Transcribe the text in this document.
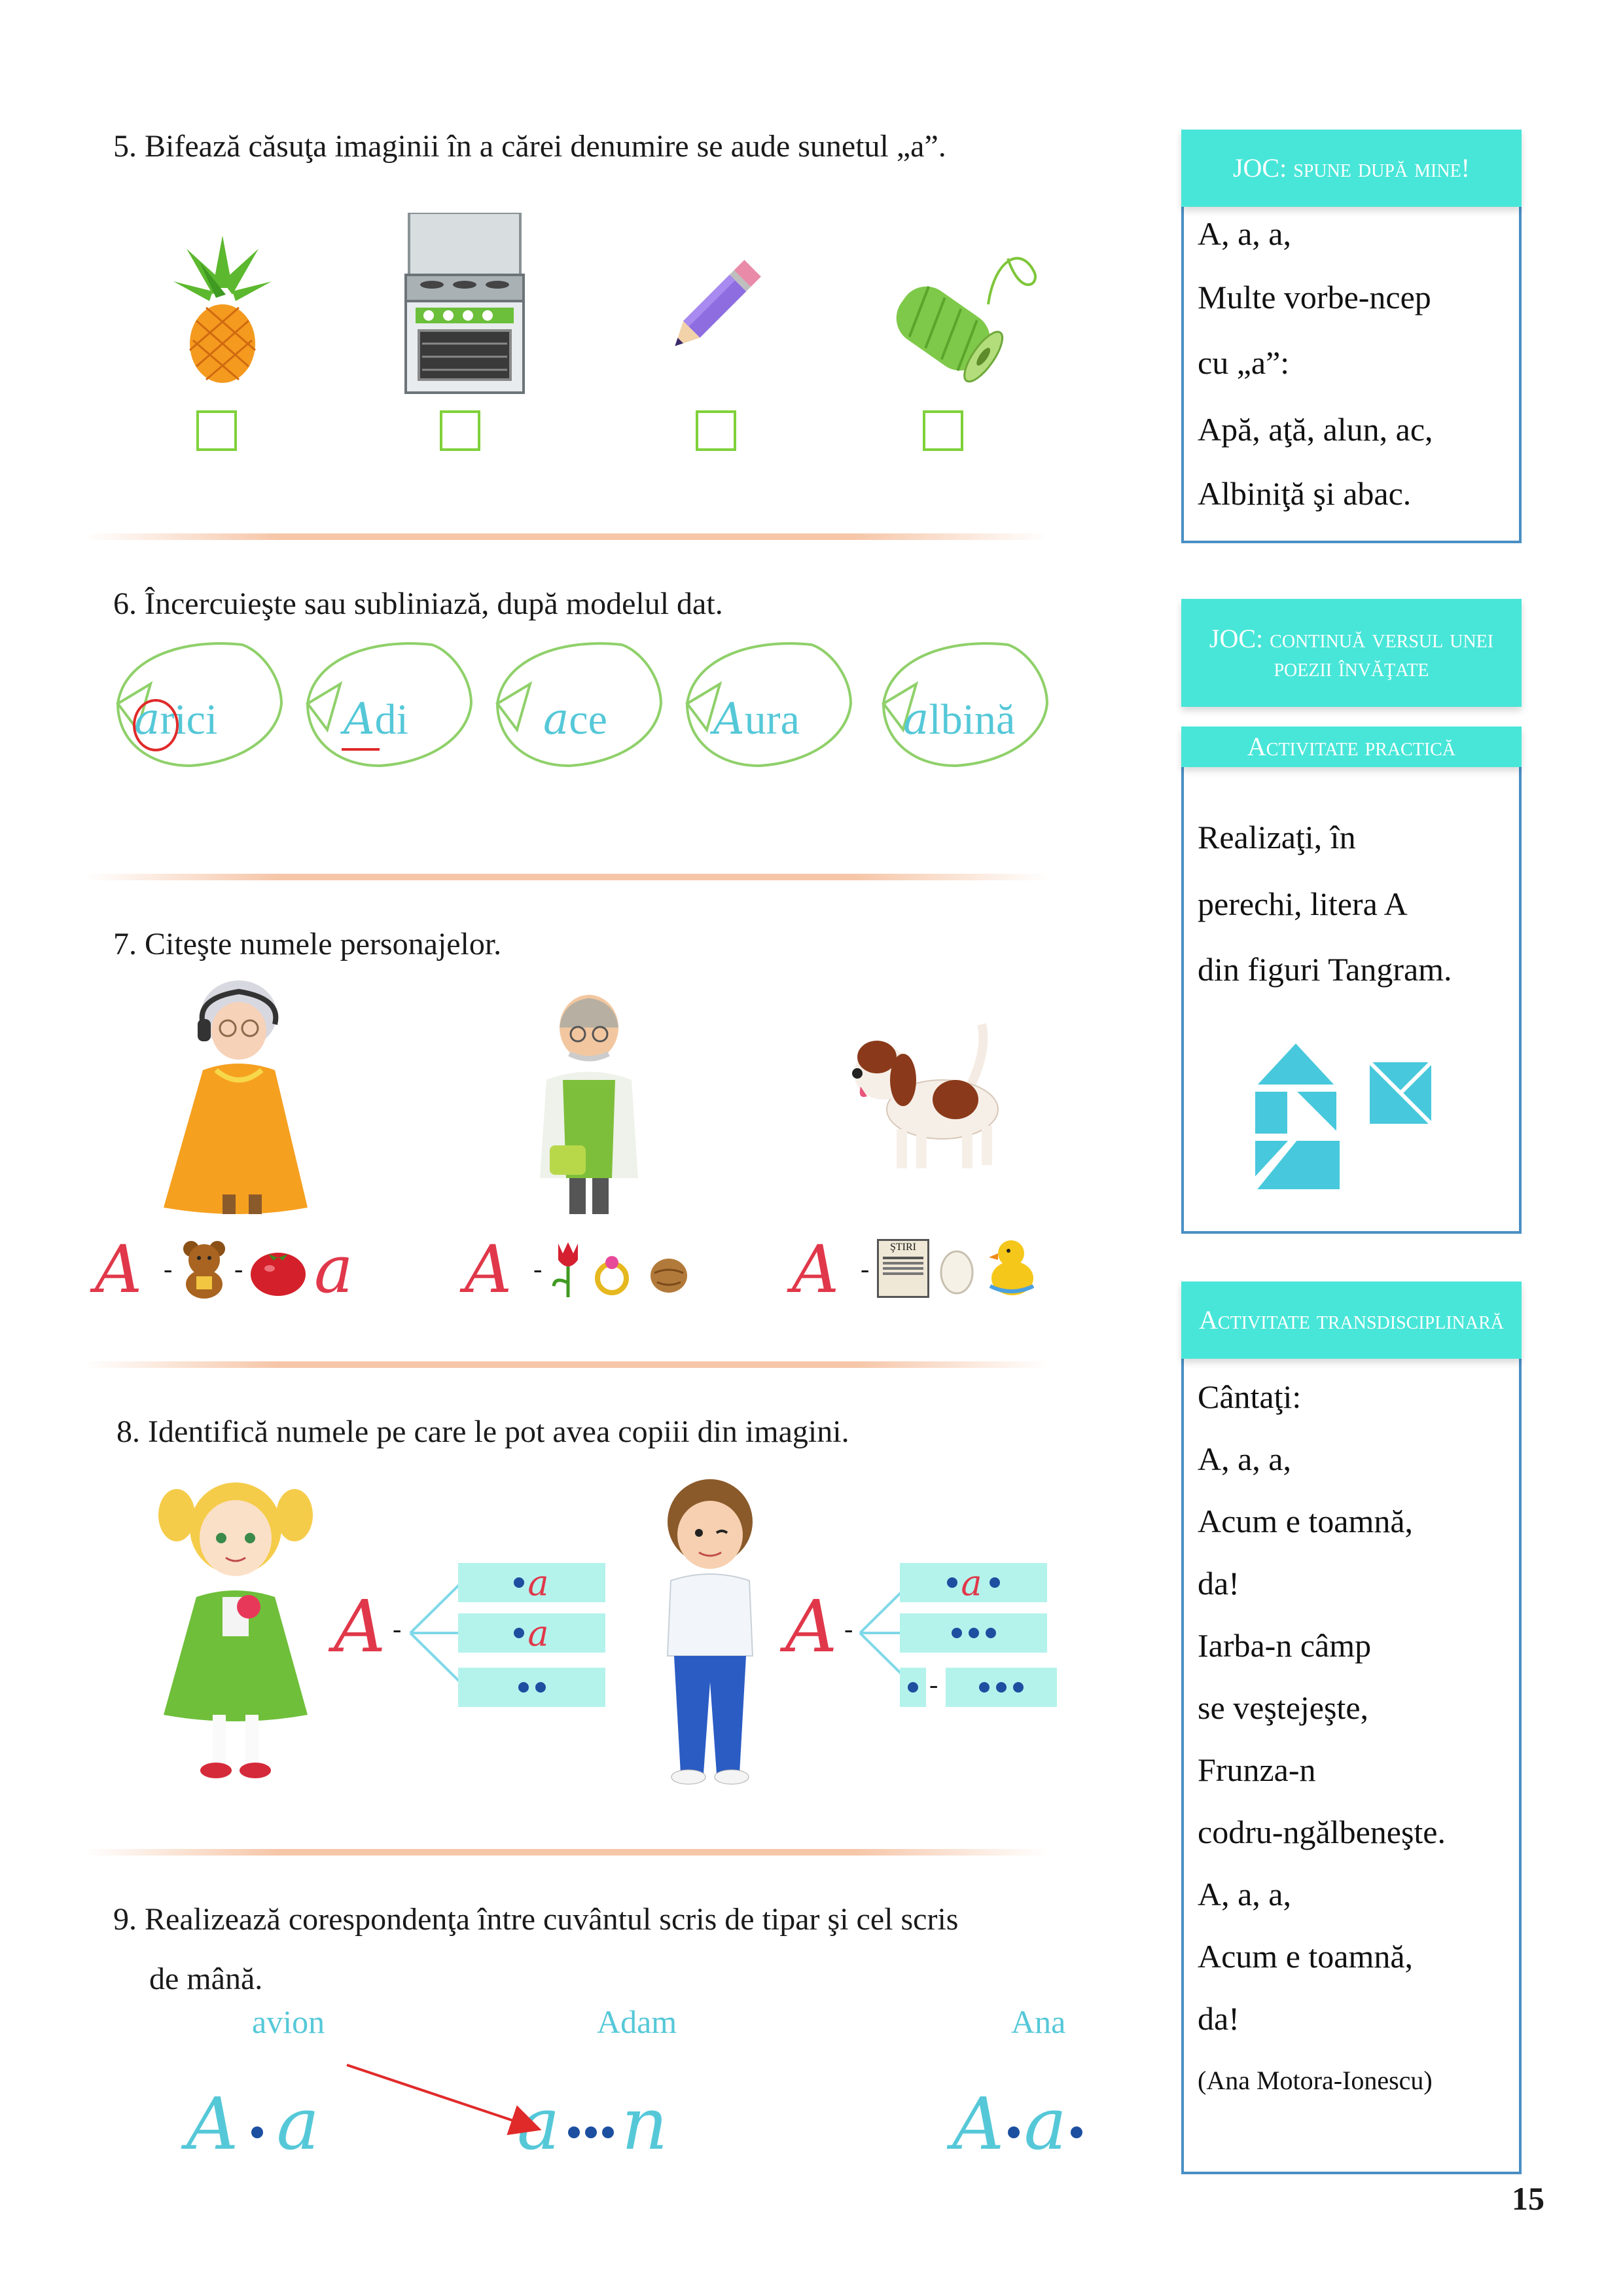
5. Bifează căsuţa imaginii în a cărei denumire se aude sunetul „a”.
6. Încercuieşte sau subliniază, după modelul dat.
arici	Adi	ace Aura albină
7. Citeşte numele personajelor.
A - - a A -	A -
ŞTIRI
8. Identifică numele pe care le pot avea copiii din imagini.
A -
a
a	A -
a
-
9. Realizează corespondenţa între cuvântul scris de tipar şi cel scris
de mână.
avion	Adam	Ana
A a	a n	A a
JOC: spune după mine!
A, a, a,
Multe vorbe-ncep
cu „a”:
Apă, aţă, alun, ac,
Albiniţă şi abac.
JOC: continuă versul unei poezii învăţate
Activitate practică
Realizaţi, în
perechi, litera A
din figuri Tangram.
Activitate transdisciplinară
Cântaţi:
A, a, a,
Acum e toamnă,
da!
Iarba-n câmp
se veştejeşte,
Frunza-n
codru-ngălbeneşte.
A, a, a,
Acum e toamnă,
da!
(Ana Motora-Ionescu)
15
